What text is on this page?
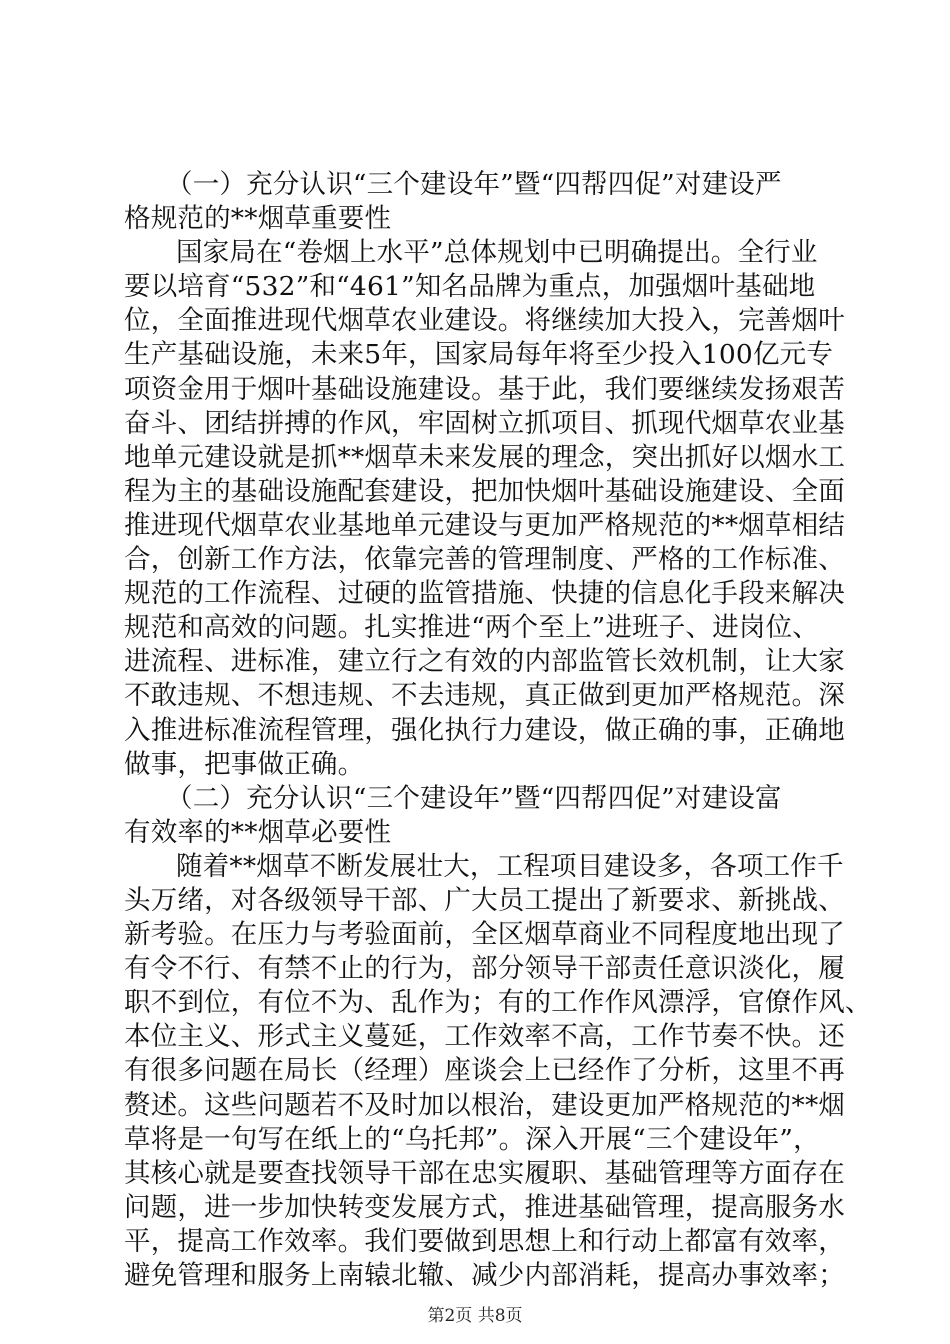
（一）充分认识“三个建设年”暨“四帮四促”对建设严
格规范的**烟草重要性
国家局在“卷烟上水平”总体规划中已明确提出。全行业
要以培育“532”和“461”知名品牌为重点，加强烟叶基础地
位，全面推进现代烟草农业建设。将继续加大投入，完善烟叶
生产基础设施，未来5年，国家局每年将至少投入100亿元专
项资金用于烟叶基础设施建设。基于此，我们要继续发扬艰苦
奋斗、团结拼搏的作风，牢固树立抓项目、抓现代烟草农业基
地单元建设就是抓**烟草未来发展的理念，突出抓好以烟水工
程为主的基础设施配套建设，把加快烟叶基础设施建设、全面
推进现代烟草农业基地单元建设与更加严格规范的**烟草相结
合，创新工作方法，依靠完善的管理制度、严格的工作标准、
规范的工作流程、过硬的监管措施、快捷的信息化手段来解决
规范和高效的问题。扎实推进“两个至上”进班子、进岗位、
进流程、进标准，建立行之有效的内部监管长效机制，让大家
不敢违规、不想违规、不去违规，真正做到更加严格规范。深
入推进标准流程管理，强化执行力建设，做正确的事，正确地
做事，把事做正确。
（二）充分认识“三个建设年”暨“四帮四促”对建设富
有效率的**烟草必要性
随着**烟草不断发展壮大，工程项目建设多，各项工作千
头万绪，对各级领导干部、广大员工提出了新要求、新挑战、
新考验。在压力与考验面前，全区烟草商业不同程度地出现了
有令不行、有禁不止的行为，部分领导干部责任意识淡化，履
职不到位，有位不为、乱作为；有的工作作风漂浮，官僚作风、
本位主义、形式主义蔓延，工作效率不高，工作节奏不快。还
有很多问题在局长（经理）座谈会上已经作了分析，这里不再
赘述。这些问题若不及时加以根治，建设更加严格规范的**烟
草将是一句写在纸上的“乌托邦”。深入开展“三个建设年”，
其核心就是要查找领导干部在忠实履职、基础管理等方面存在
问题，进一步加快转变发展方式，推进基础管理，提高服务水
平，提高工作效率。我们要做到思想上和行动上都富有效率，
避免管理和服务上南辕北辙、减少内部消耗，提高办事效率；
第2页 共8页
